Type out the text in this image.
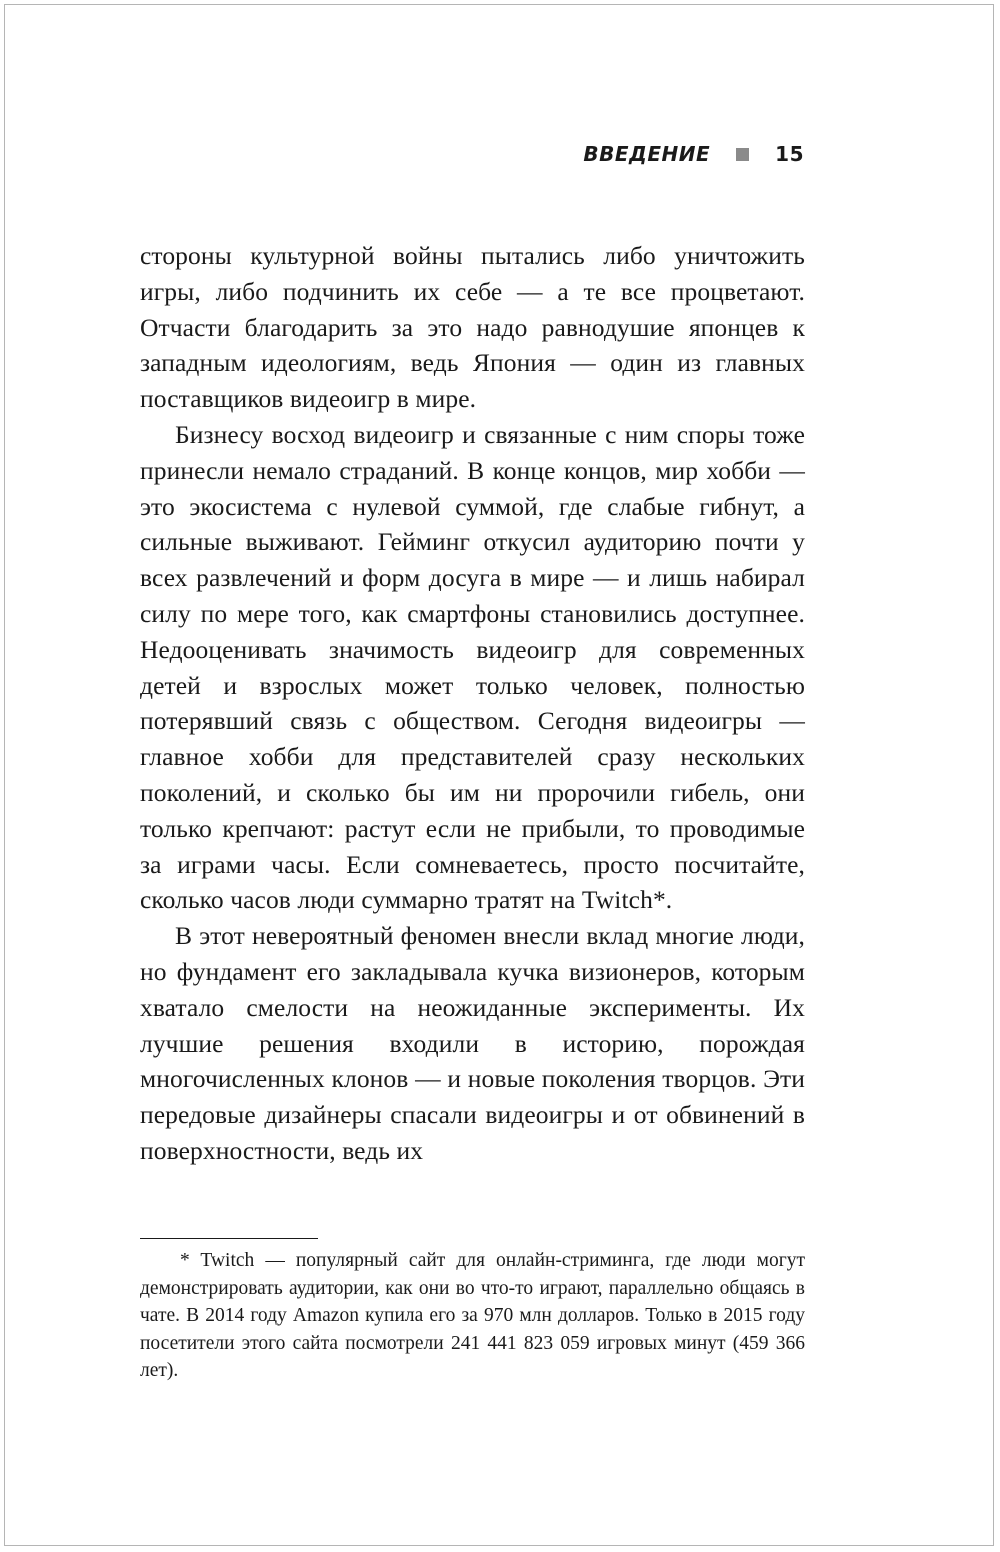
ВВЕДЕНИЕ	15

стороны культурной войны пытались либо уничтожить игры, либо подчинить их себе — а те все процветают. Отчасти благодарить за это надо равнодушие японцев к западным идеологиям, ведь Япония — один из главных поставщиков видеоигр в мире.

Бизнесу восход видеоигр и связанные с ним споры тоже принесли немало страданий. В конце концов, мир хобби — это экосистема с нулевой суммой, где слабые гибнут, а сильные выживают. Гейминг откусил аудиторию почти у всех развлечений и форм досуга в мире — и лишь набирал силу по мере того, как смартфоны становились доступнее. Недооценивать значимость видеоигр для современных детей и взрослых может только человек, полностью потерявший связь с обществом. Сегодня видеоигры — главное хобби для представителей сразу нескольких поколений, и сколько бы им ни пророчили гибель, они только крепчают: растут если не прибыли, то проводимые за играми часы. Если сомневаетесь, просто посчитайте, сколько часов люди суммарно тратят на Twitch*.

В этот невероятный феномен внесли вклад многие люди, но фундамент его закладывала кучка визионеров, которым хватало смелости на неожиданные эксперименты. Их лучшие решения входили в историю, порождая многочисленных клонов — и новые поколения творцов. Эти передовые дизайнеры спасали видеоигры и от обвинений в поверхностности, ведь их

* Twitch — популярный сайт для онлайн-стриминга, где люди могут демонстрировать аудитории, как они во что-то играют, параллельно общаясь в чате. В 2014 году Amazon купила его за 970 млн долларов. Только в 2015 году посетители этого сайта посмотрели 241 441 823 059 игровых минут (459 366 лет).
